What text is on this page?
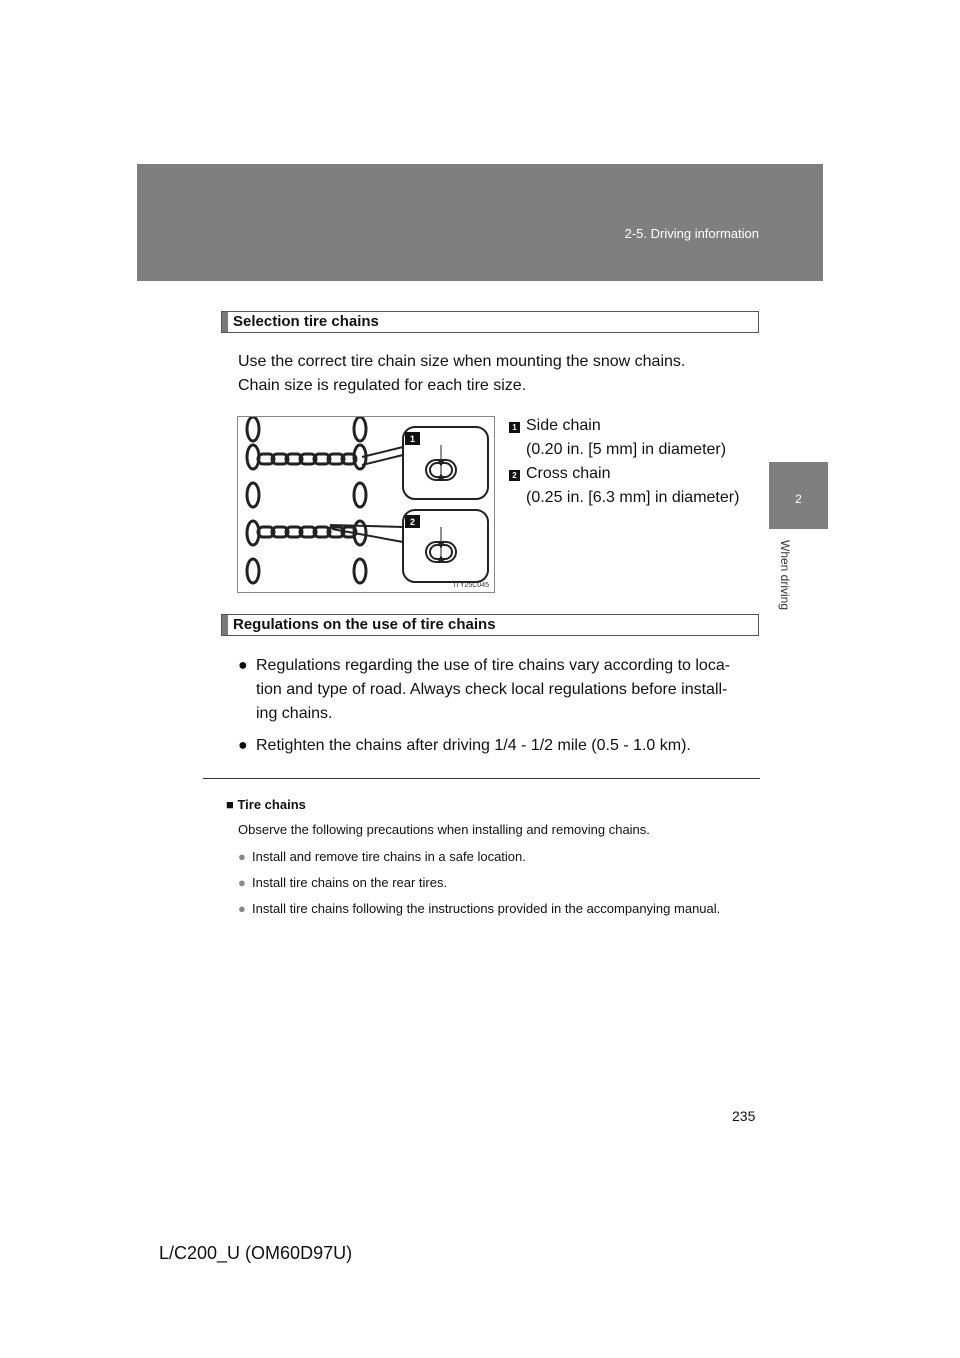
2-5. Driving information
2
When driving
Selection tire chains
Use the correct tire chain size when mounting the snow chains.
Chain size is regulated for each tire size.
1
2
ITY25C045
1 Side chain
(0.20 in. [5 mm] in diameter)
2 Cross chain
(0.25 in. [6.3 mm] in diameter)
Regulations on the use of tire chains
● Regulations regarding the use of tire chains vary according to loca-
tion and type of road. Always check local regulations before install-
ing chains.
● Retighten the chains after driving 1/4 - 1/2 mile (0.5 - 1.0 km).
■ Tire chains
Observe the following precautions when installing and removing chains.
● Install and remove tire chains in a safe location.
● Install tire chains on the rear tires.
● Install tire chains following the instructions provided in the accompanying manual.
235
L/C200_U (OM60D97U)
